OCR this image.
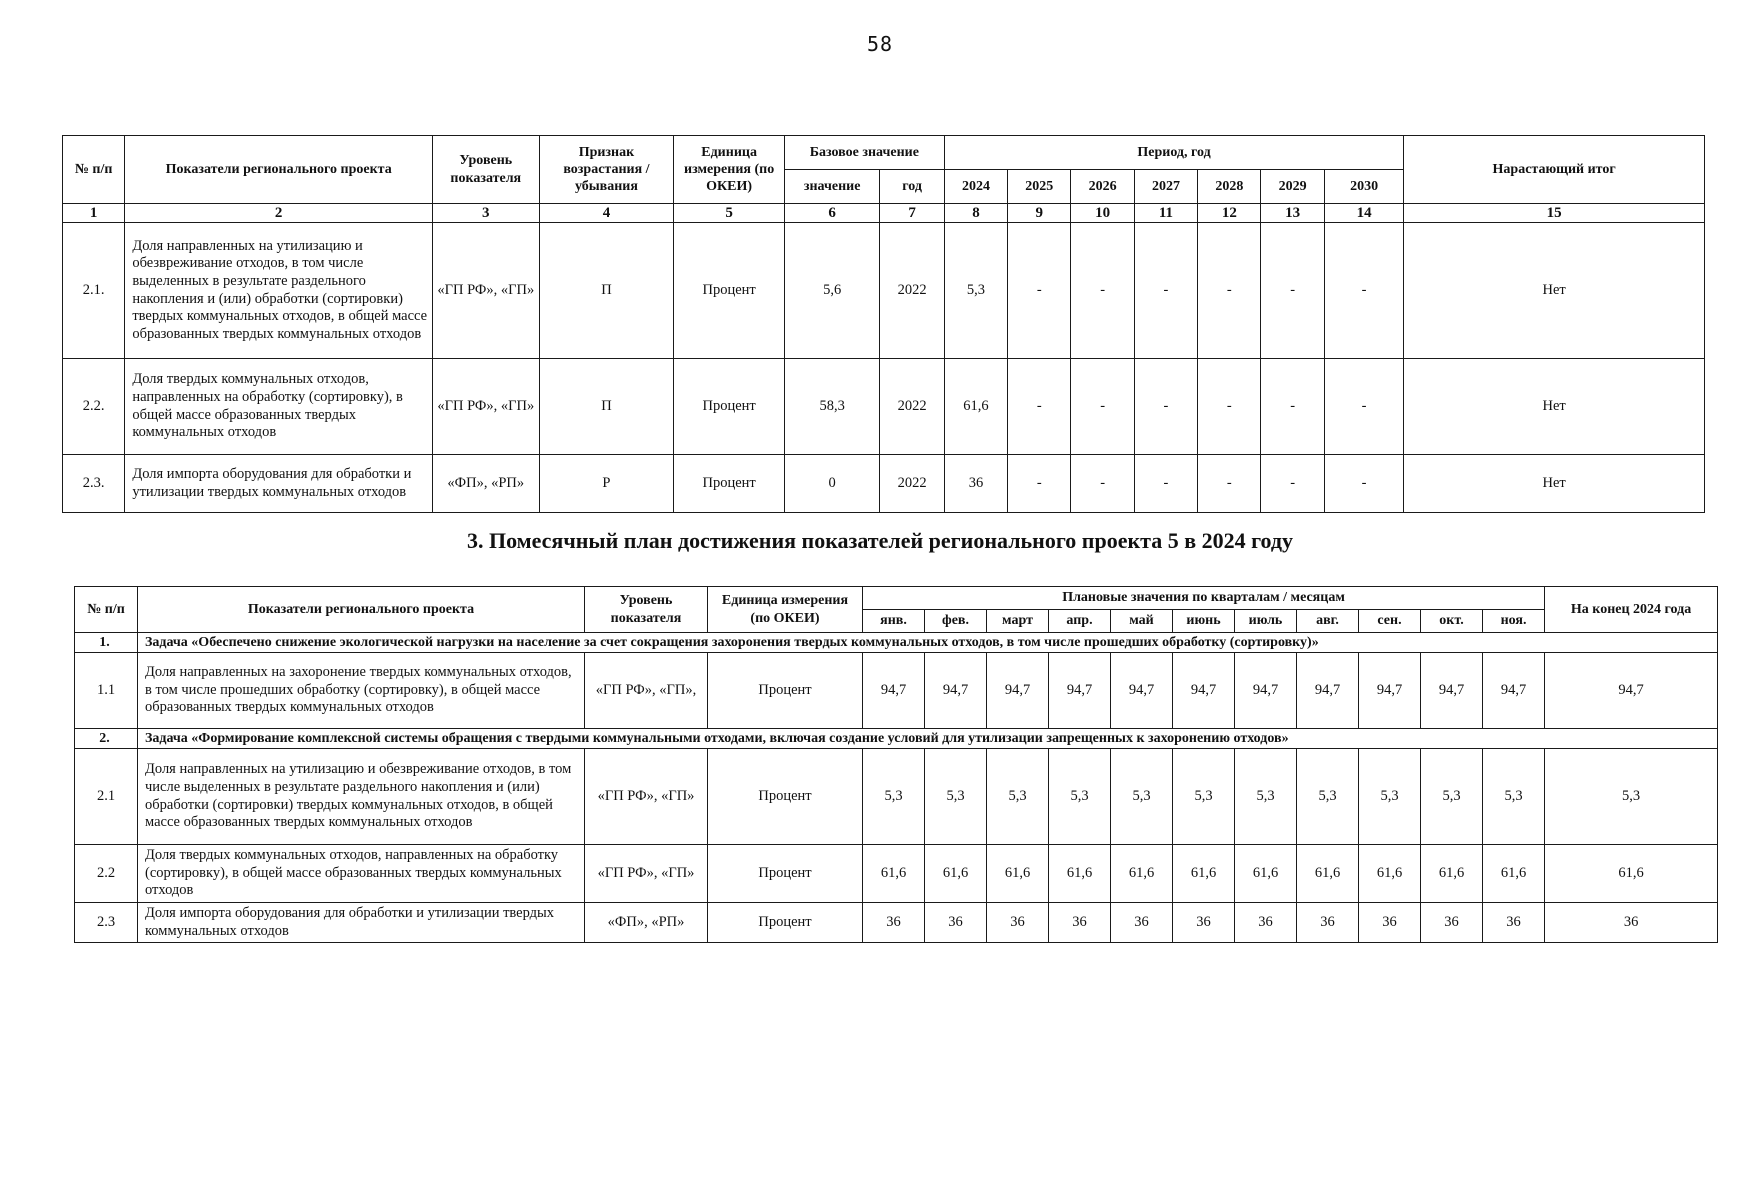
58
№ п/п	Показатели регионального проекта	Уровень показателя	Признак возрастания / убывания	Единица измерения (по ОКЕИ)	Базовое значение		Период, год							Нарастающий итог
					значение	год	2024	2025	2026	2027	2028	2029	2030	
1	2	3	4	5	6	7	8	9	10	11	12	13	14	15
2.1.	Доля направленных на утилизацию и обезвреживание отходов, в том числе выделенных в результате раздельного накопления и (или) обработки (сортировки) твердых коммунальных отходов, в общей массе образованных твердых коммунальных отходов	«ГП РФ», «ГП»	П	Процент	5,6	2022	5,3	-	-	-	-	-	-	Нет
2.2.	Доля твердых коммунальных отходов, направленных на обработку (сортировку), в общей массе образованных твердых коммунальных отходов	«ГП РФ», «ГП»	П	Процент	58,3	2022	61,6	-	-	-	-	-	-	Нет
2.3.	Доля импорта оборудования для обработки и утилизации твердых коммунальных отходов	«ФП», «РП»	Р	Процент	0	2022	36	-	-	-	-	-	-	Нет
3. Помесячный план достижения показателей регионального проекта 5 в 2024 году
№ п/п	Показатели регионального проекта	Уровень показателя	Единица измерения (по ОКЕИ)	Плановые значения по кварталам / месяцам											На конец 2024 года
				янв.	фев.	март	апр.	май	июнь	июль	авг.	сен.	окт.	ноя.	
1.	Задача «Обеспечено снижение экологической нагрузки на население за счет сокращения захоронения твердых коммунальных отходов, в том числе прошедших обработку (сортировку)»														
1.1	Доля направленных на захоронение твердых коммунальных отходов, в том числе прошедших обработку (сортировку), в общей массе образованных твердых коммунальных отходов	«ГП РФ», «ГП»,	Процент	94,7	94,7	94,7	94,7	94,7	94,7	94,7	94,7	94,7	94,7	94,7	94,7
2.	Задача «Формирование комплексной системы обращения с твердыми коммунальными отходами, включая создание условий для утилизации запрещенных к захоронению отходов»														
2.1	Доля направленных на утилизацию и обезвреживание отходов, в том числе выделенных в результате раздельного накопления и (или) обработки (сортировки) твердых коммунальных отходов, в общей массе образованных твердых коммунальных отходов	«ГП РФ», «ГП»	Процент	5,3	5,3	5,3	5,3	5,3	5,3	5,3	5,3	5,3	5,3	5,3	5,3
2.2	Доля твердых коммунальных отходов, направленных на обработку (сортировку), в общей массе образованных твердых коммунальных отходов	«ГП РФ», «ГП»	Процент	61,6	61,6	61,6	61,6	61,6	61,6	61,6	61,6	61,6	61,6	61,6	61,6
2.3	Доля импорта оборудования для обработки и утилизации твердых коммунальных отходов	«ФП», «РП»	Процент	36	36	36	36	36	36	36	36	36	36	36	36
